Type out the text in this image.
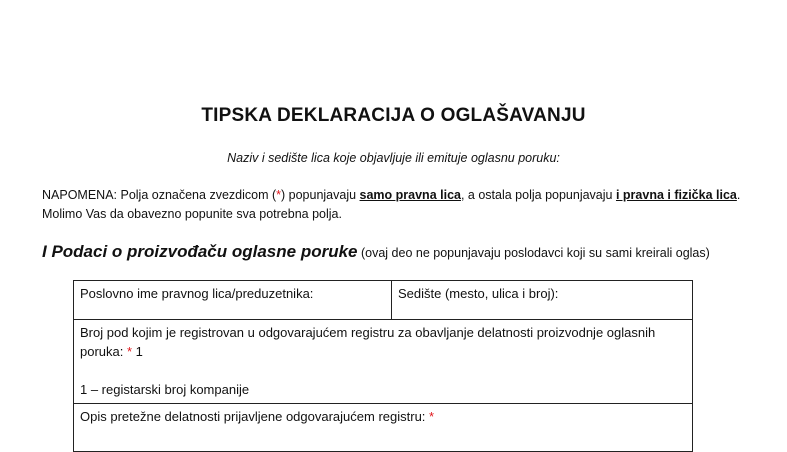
TIPSKA DEKLARACIJA O OGLAŠAVANJU
Naziv i sedište lica koje objavljuje ili emituje oglasnu poruku:
NAPOMENA: Polja označena zvezdicom (*) popunjavaju samo pravna lica, a ostala polja popunjavaju i pravna i fizička lica. Molimo Vas da obavezno popunite sva potrebna polja.
I Podaci o proizvođaču oglasne poruke (ovaj deo ne popunjavaju poslodavci koji su sami kreirali oglas)
Poslovno ime pravnog lica/preduzetnika:	Sedište (mesto, ulica i broj):
Broj pod kojim je registrovan u odgovarajućem registru za obavljanje delatnosti proizvodnje oglasnih poruka: * 1
1 – registarski broj kompanije
Opis pretežne delatnosti prijavljene odgovarajućem registru: *
